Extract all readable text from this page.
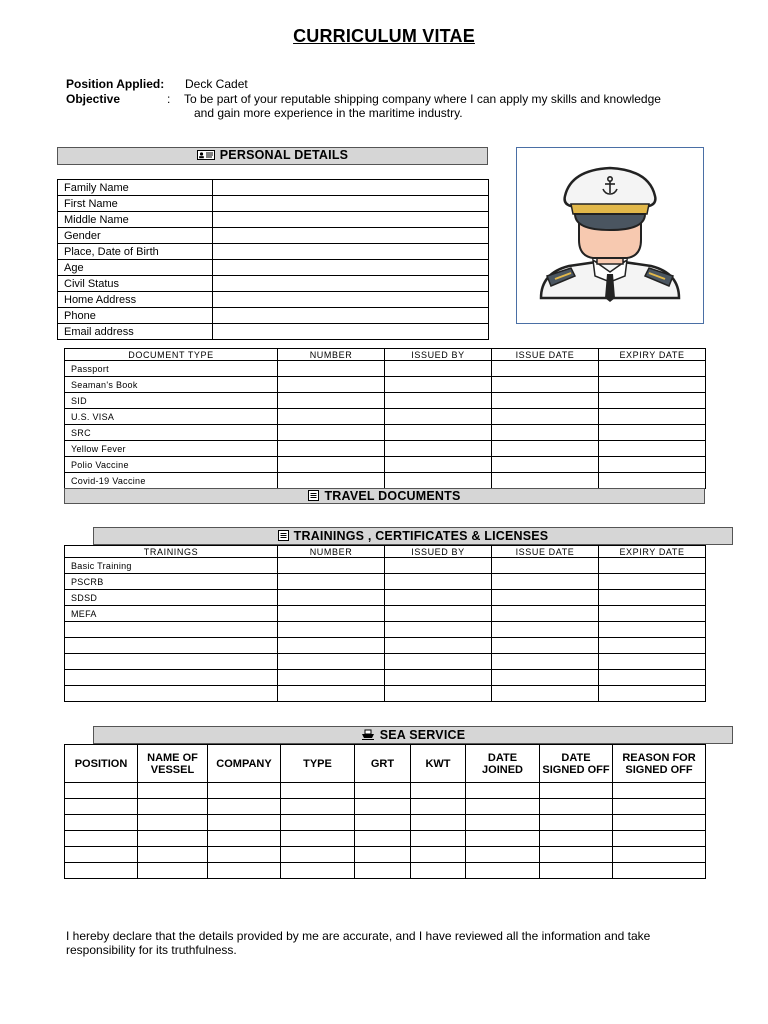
CURRICULUM VITAE
Position Applied: Deck Cadet
Objective	: To be part of your reputable shipping company where I can apply my skills and knowledge
and gain more experience in the maritime industry.
PERSONAL DETAILS
Family Name	
First Name	
Middle Name	
Gender	
Place, Date of Birth	
Age	
Civil Status	
Home Address	
Phone	
Email address	
DOCUMENT TYPE	NUMBER	ISSUED BY	ISSUE DATE	EXPIRY DATE
Passport				
Seaman's Book				
SID				
U.S. VISA				
SRC				
Yellow Fever				
Polio Vaccine				
Covid-19 Vaccine				
TRAVEL DOCUMENTS
TRAININGS , CERTIFICATES & LICENSES
TRAININGS	NUMBER	ISSUED BY	ISSUE DATE	EXPIRY DATE
Basic Training				
PSCRB				
SDSD				
MEFA				

SEA SERVICE
POSITION	NAME OF VESSEL	COMPANY	TYPE	GRT	KWT	DATE JOINED	DATE SIGNED OFF	REASON FOR SIGNED OFF

I hereby declare that the details provided by me are accurate, and I have reviewed all the information and take responsibility for its truthfulness.
